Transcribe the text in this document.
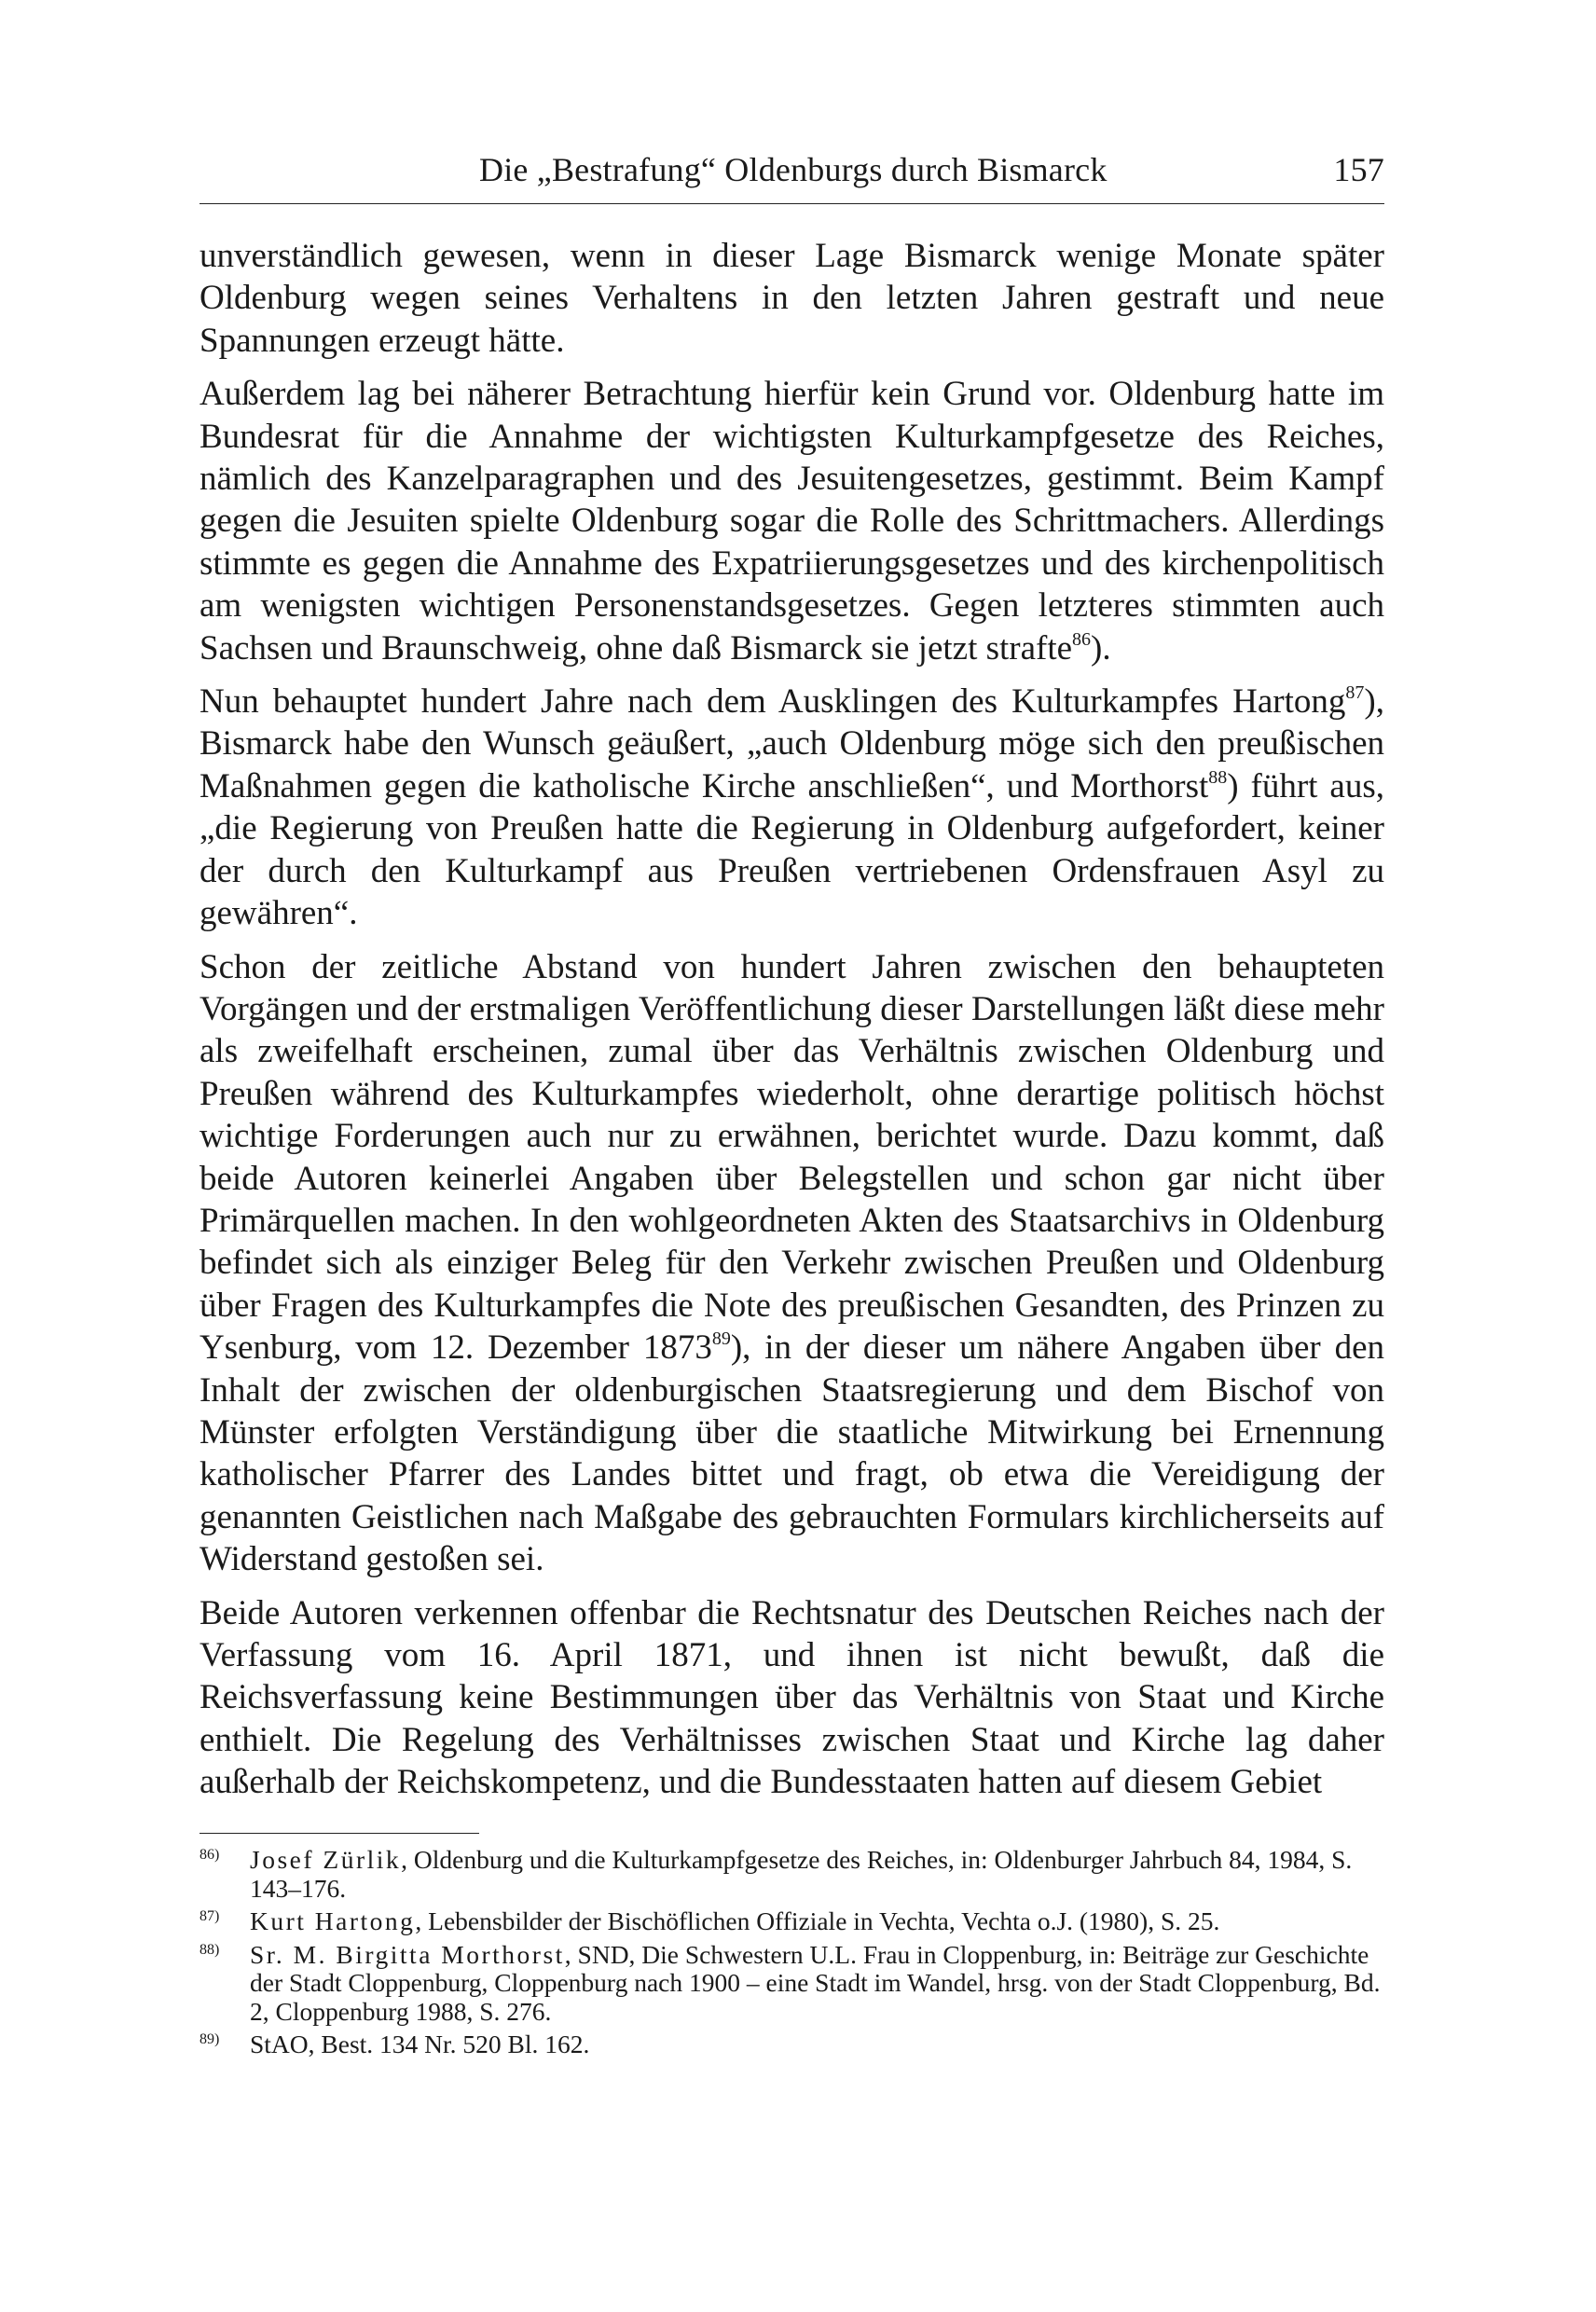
Die „Bestrafung“ Oldenburgs durch Bismarck	157

unverständlich gewesen, wenn in dieser Lage Bismarck wenige Monate später Oldenburg wegen seines Verhaltens in den letzten Jahren gestraft und neue Spannungen erzeugt hätte.

Außerdem lag bei näherer Betrachtung hierfür kein Grund vor. Oldenburg hatte im Bundesrat für die Annahme der wichtigsten Kulturkampfgesetze des Reiches, nämlich des Kanzelparagraphen und des Jesuitengesetzes, gestimmt. Beim Kampf gegen die Jesuiten spielte Oldenburg sogar die Rolle des Schrittmachers. Allerdings stimmte es gegen die Annahme des Expatriierungsgesetzes und des kirchenpolitisch am wenigsten wichtigen Personenstandsgesetzes. Gegen letzteres stimmten auch Sachsen und Braunschweig, ohne daß Bismarck sie jetzt strafte$^{86}$).

Nun behauptet hundert Jahre nach dem Ausklingen des Kulturkampfes Hartong$^{87}$), Bismarck habe den Wunsch geäußert, „auch Oldenburg möge sich den preußischen Maßnahmen gegen die katholische Kirche anschließen“, und Morthorst$^{88}$) führt aus, „die Regierung von Preußen hatte die Regierung in Oldenburg aufgefordert, keiner der durch den Kulturkampf aus Preußen vertriebenen Ordensfrauen Asyl zu gewähren“.

Schon der zeitliche Abstand von hundert Jahren zwischen den behaupteten Vorgängen und der erstmaligen Veröffentlichung dieser Darstellungen läßt diese mehr als zweifelhaft erscheinen, zumal über das Verhältnis zwischen Oldenburg und Preußen während des Kulturkampfes wiederholt, ohne derartige politisch höchst wichtige Forderungen auch nur zu erwähnen, berichtet wurde. Dazu kommt, daß beide Autoren keinerlei Angaben über Belegstellen und schon gar nicht über Primärquellen machen. In den wohlgeordneten Akten des Staatsarchivs in Oldenburg befindet sich als einziger Beleg für den Verkehr zwischen Preußen und Oldenburg über Fragen des Kulturkampfes die Note des preußischen Gesandten, des Prinzen zu Ysenburg, vom 12. Dezember 1873$^{89}$), in der dieser um nähere Angaben über den Inhalt der zwischen der oldenburgischen Staatsregierung und dem Bischof von Münster erfolgten Verständigung über die staatliche Mitwirkung bei Ernennung katholischer Pfarrer des Landes bittet und fragt, ob etwa die Vereidigung der genannten Geistlichen nach Maßgabe des gebrauchten Formulars kirchlicherseits auf Widerstand gestoßen sei.

Beide Autoren verkennen offenbar die Rechtsnatur des Deutschen Reiches nach der Verfassung vom 16. April 1871, und ihnen ist nicht bewußt, daß die Reichsverfassung keine Bestimmungen über das Verhältnis von Staat und Kirche enthielt. Die Regelung des Verhältnisses zwischen Staat und Kirche lag daher außerhalb der Reichskompetenz, und die Bundesstaaten hatten auf diesem Gebiet

86) Josef Zürlik, Oldenburg und die Kulturkampfgesetze des Reiches, in: Oldenburger Jahrbuch 84, 1984, S. 143–176.
87) Kurt Hartong, Lebensbilder der Bischöflichen Offiziale in Vechta, Vechta o.J. (1980), S. 25.
88) Sr. M. Birgitta Morthorst, SND, Die Schwestern U.L. Frau in Cloppenburg, in: Beiträge zur Geschichte der Stadt Cloppenburg, Cloppenburg nach 1900 – eine Stadt im Wandel, hrsg. von der Stadt Cloppenburg, Bd. 2, Cloppenburg 1988, S. 276.
89) StAO, Best. 134 Nr. 520 Bl. 162.
